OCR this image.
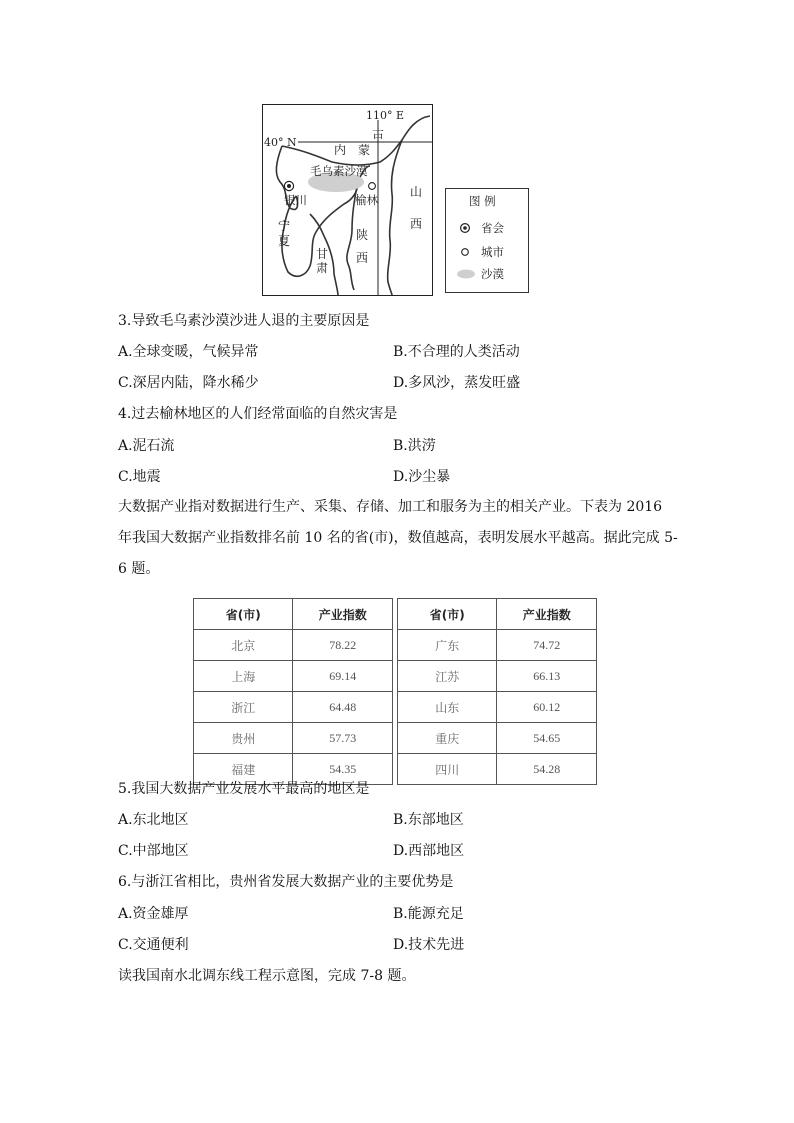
110° E
40° N
内 蒙
古
毛乌素沙漠
银川	榆林
宁
夏
甘
肃
陕
西
山
西
图 例
省会
城市
沙漠
3.导致毛乌素沙漠沙进人退的主要原因是
A.全球变暖，气候异常	B.不合理的人类活动
C.深居内陆，降水稀少	D.多风沙，蒸发旺盛
4.过去榆林地区的人们经常面临的自然灾害是
A.泥石流	B.洪涝
C.地震	D.沙尘暴
大数据产业指对数据进行生产、采集、存储、加工和服务为主的相关产业。下表为 2016 年我国大数据产业指数排名前 10 名的省(市)，数值越高，表明发展水平越高。据此完成 5-6 题。
省(市)	产业指数
北京	78.22
上海	69.14
浙江	64.48
贵州	57.73
福建	54.35
省(市)	产业指数
广东	74.72
江苏	66.13
山东	60.12
重庆	54.65
四川	54.28
5.我国大数据产业发展水平最高的地区是
A.东北地区	B.东部地区
C.中部地区	D.西部地区
6.与浙江省相比，贵州省发展大数据产业的主要优势是
A.资金雄厚	B.能源充足
C.交通便利	D.技术先进
读我国南水北调东线工程示意图，完成 7-8 题。
